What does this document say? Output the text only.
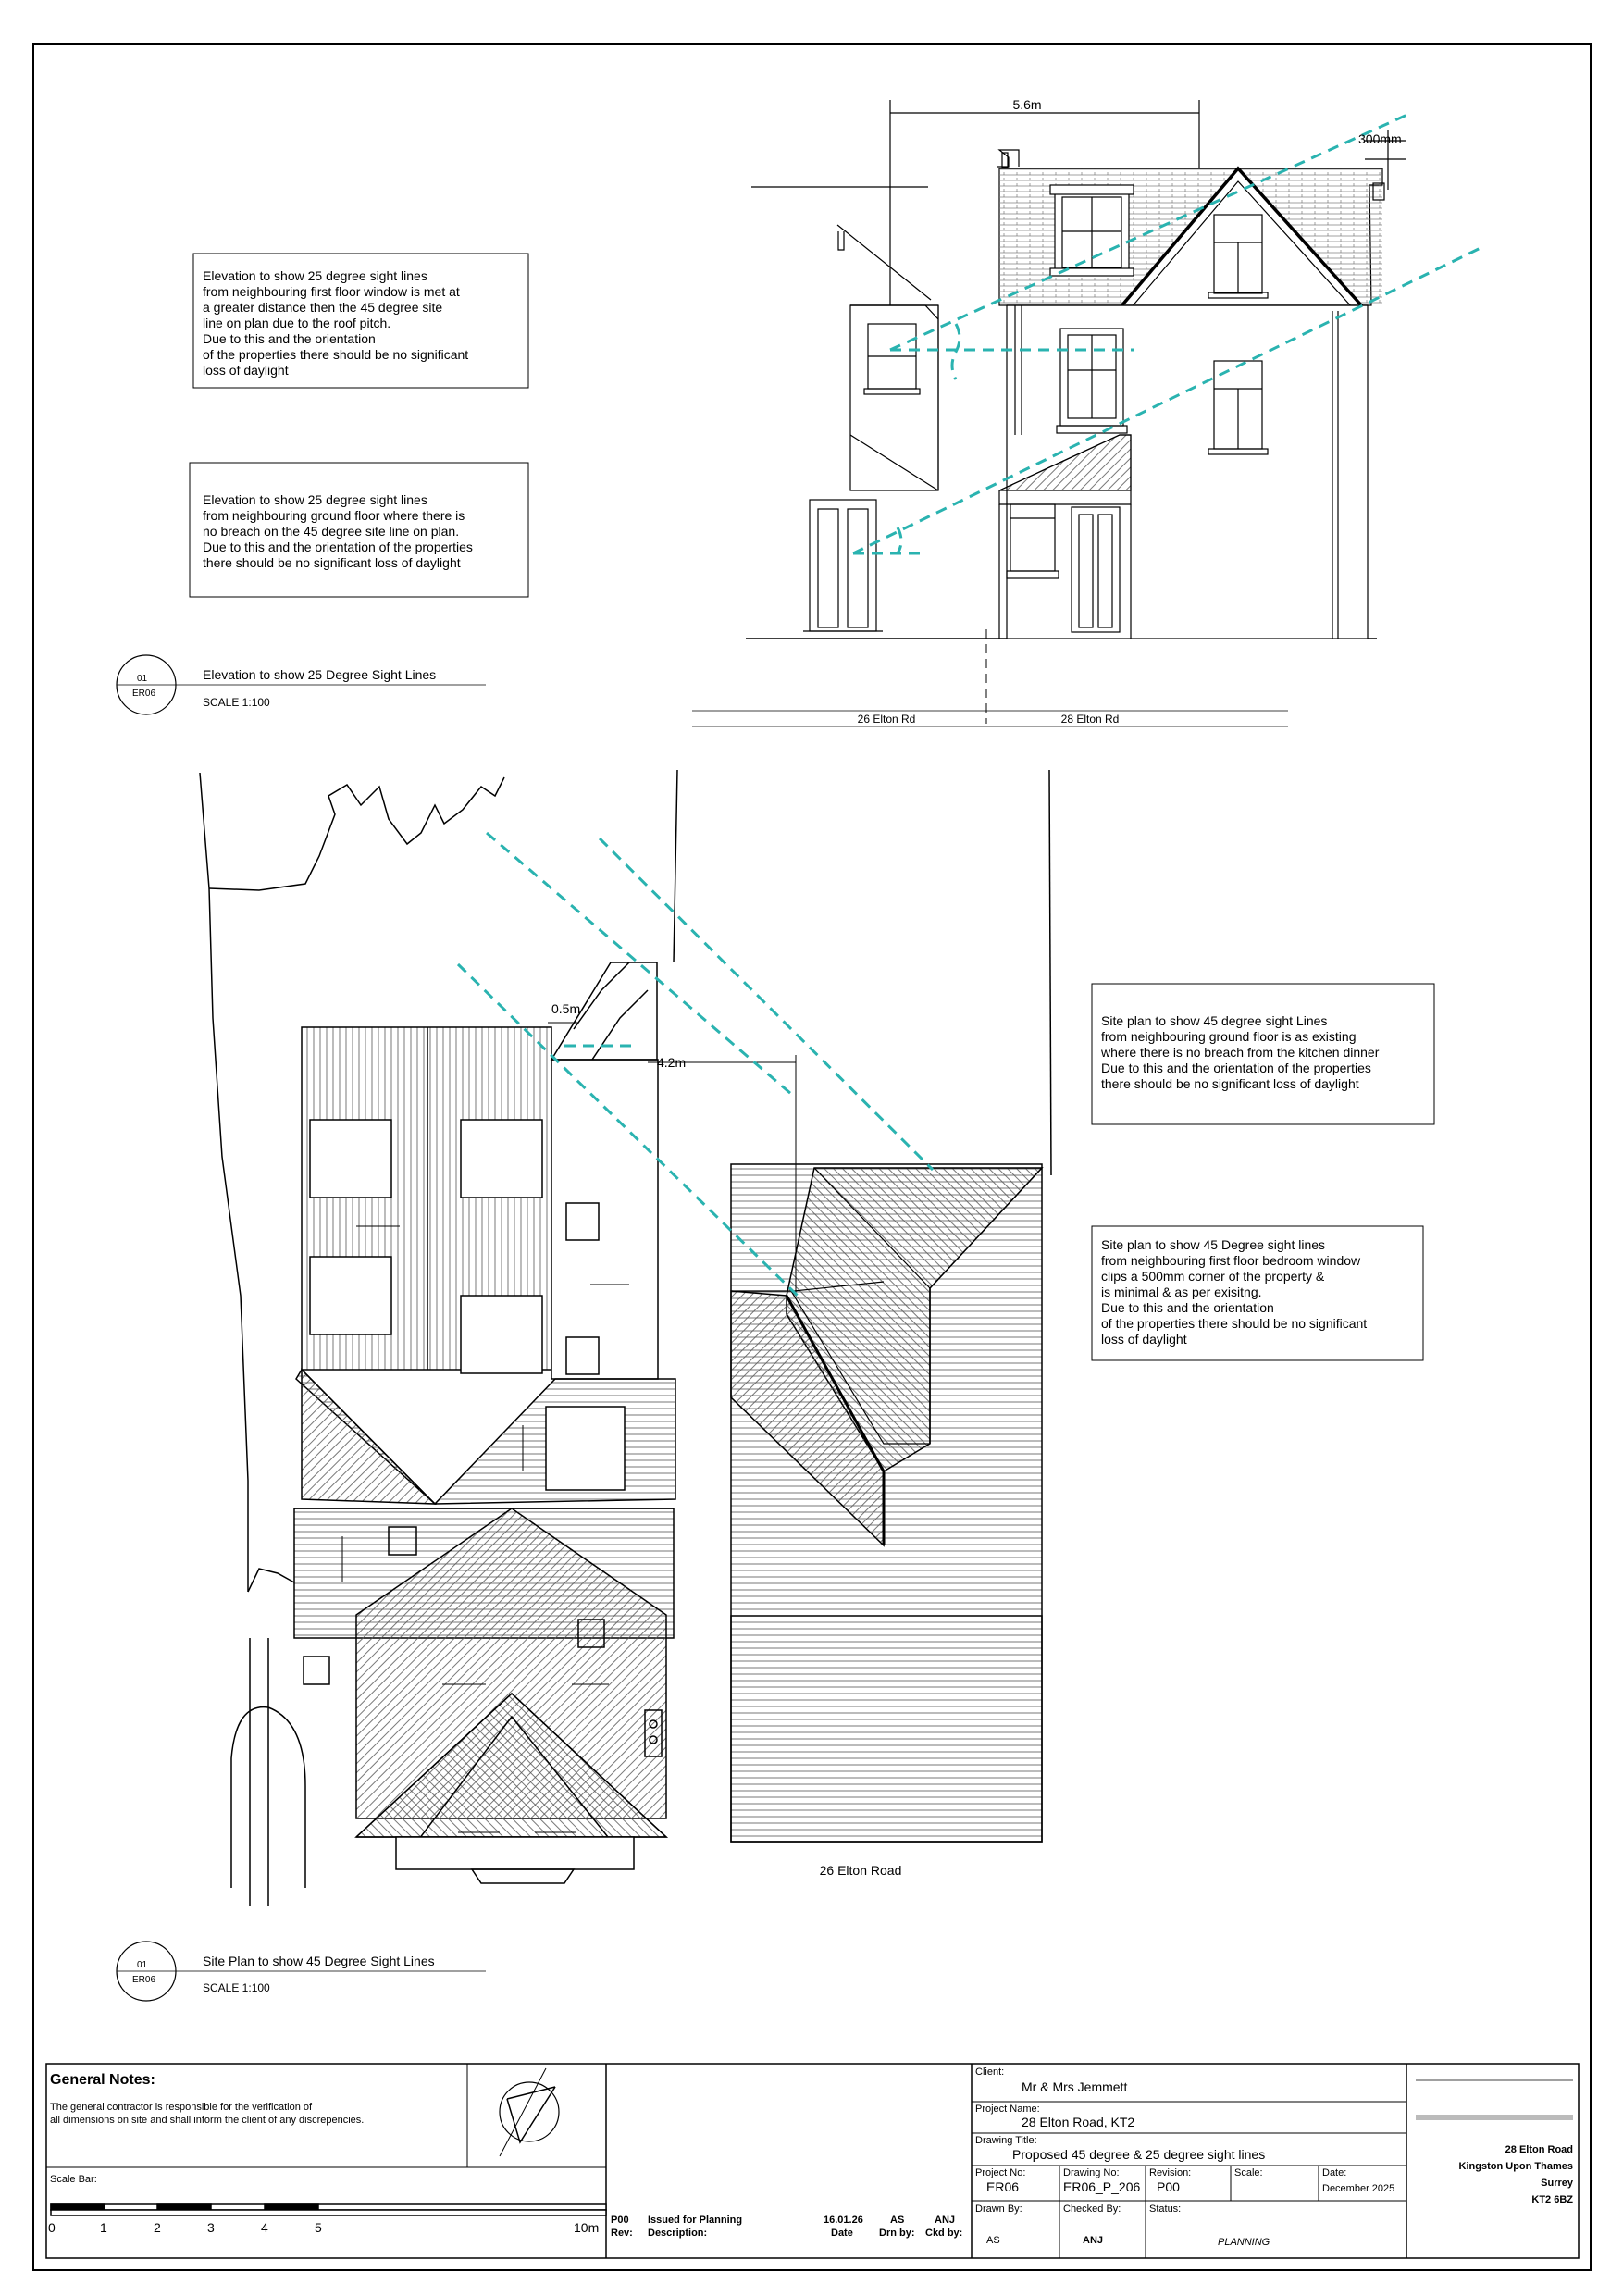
Elevation to show 25 degree sight lines from neighbouring first floor window is met at a greater distance then the 45 degree site line on plan due to the roof pitch. Due to this and the orientation of the properties there should be no significant loss of daylight
Elevation to show 25 degree sight lines from neighbouring ground floor where there is no breach on the 45 degree site line on plan. Due to this and the orientation of the properties there should be no significant loss of daylight
5.6m
300mm
01
ER06
Elevation to show 25 Degree Sight Lines
SCALE 1:100
26 Elton Rd	28 Elton Rd
0.5m
4.2m
Site plan to show 45 degree sight Lines from neighbouring ground floor is as existing where there is no breach from the kitchen dinner Due to this and the orientation of the properties there should be no significant loss of daylight
Site plan to show 45 Degree sight lines from neighbouring first floor bedroom window clips a 500mm corner of the property & is minimal & as per exisitng. Due to this and the orientation of the properties there should be no significant loss of daylight
26 Elton Road
01
ER06
Site Plan to show 45 Degree Sight Lines
SCALE 1:100
General Notes:
The general contractor is responsible for the verification of
all dimensions on site and shall inform the client of any discrepencies.
Scale Bar:
0	1	2	3	4	5	10m P00
Rev:
Issued for Planning
Description:
16.01.26
Date
AS
Drn by:
ANJ
Ckd by:
Client:
Mr & Mrs Jemmett
Project Name:
28 Elton Road, KT2
Drawing Title:
Proposed 45 degree & 25 degree sight lines
Project No:
ER06
Drawing No:
ER06_P_206
Revision:
P00
Scale:	Date:
December 2025
Drawn By:
AS
Checked By:
ANJ
Status:
PLANNING
28 Elton Road
Kingston Upon Thames
Surrey
KT2 6BZ
